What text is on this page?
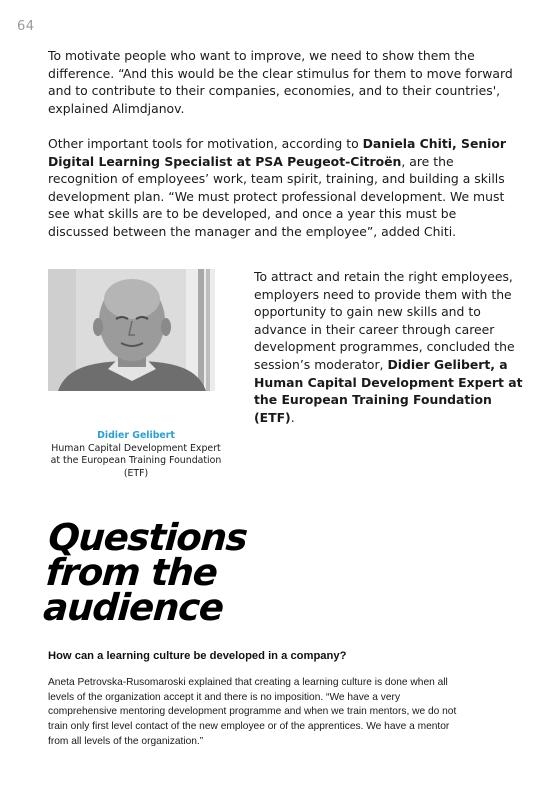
64

To motivate people who want to improve, we need to show them the difference. “And this would be the clear stimulus for them to move forward and to contribute to their companies, economies, and to their countries', explained Alimdjanov.

Other important tools for motivation, according to Daniela Chiti, Senior Digital Learning Specialist at PSA Peugeot-Citroën, are the recognition of employees’ work, team spirit, training, and building a skills development plan. “We must protect professional development. We must see what skills are to be developed, and once a year this must be discussed between the manager and the employee”, added Chiti.

Didier Gelibert
Human Capital Development Expert at the European Training Foundation (ETF)

To attract and retain the right employees, employers need to provide them with the opportunity to gain new skills and to advance in their career through career development programmes, concluded the session’s moderator, Didier Gelibert, a Human Capital Development Expert at the European Training Foundation (ETF).

Questions
from the
audience

How can a learning culture be developed in a company?

Aneta Petrovska-Rusomaroski explained that creating a learning culture is done when all levels of the organization accept it and there is no imposition. “We have a very comprehensive mentoring development programme and when we train mentors, we do not train only first level contact of the new employee or of the apprentices. We have a mentor from all levels of the organization.”
